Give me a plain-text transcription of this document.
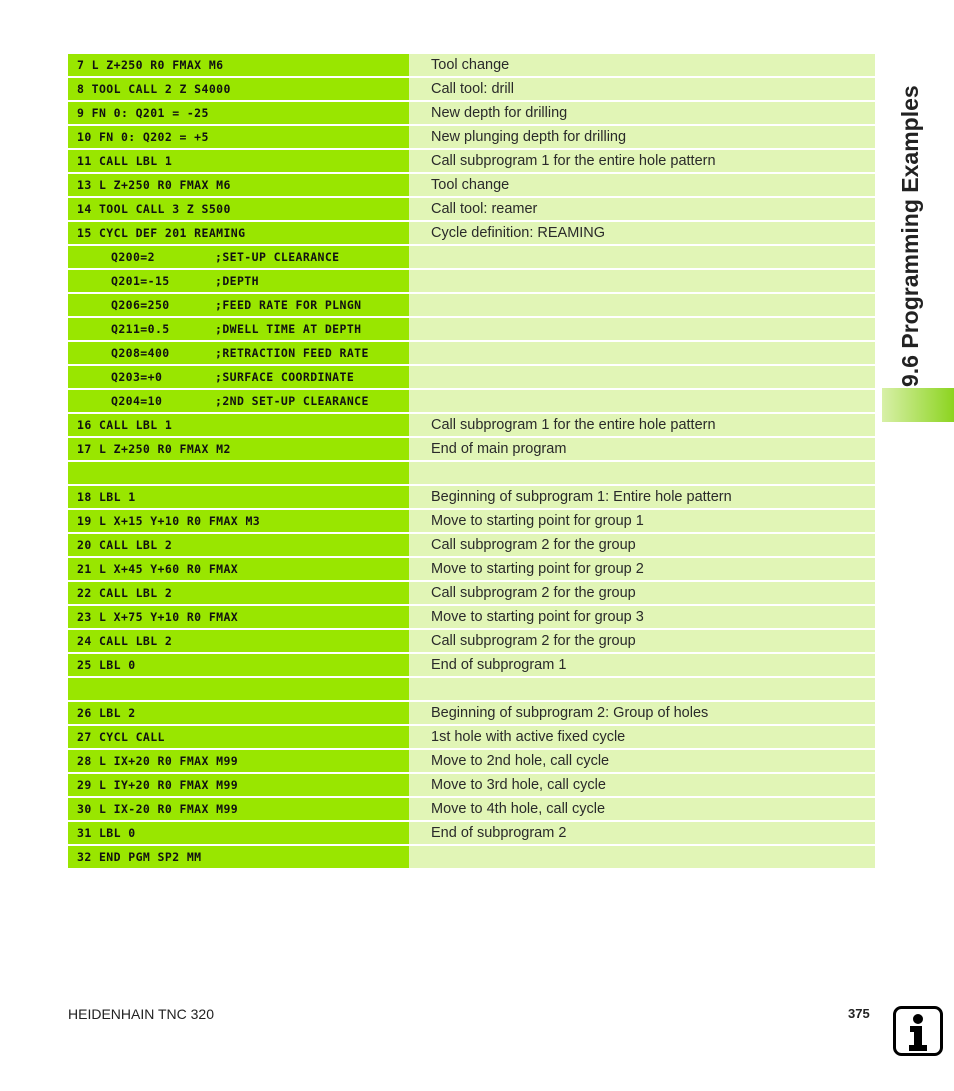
9.6 Programming Examples
7 L Z+250 R0 FMAX M6	Tool change
8 TOOL CALL 2 Z S4000	Call tool: drill
9 FN 0: Q201 = -25	New depth for drilling
10 FN 0: Q202 = +5	New plunging depth for drilling
11 CALL LBL 1	Call subprogram 1 for the entire hole pattern
13 L Z+250 R0 FMAX M6	Tool change
14 TOOL CALL 3 Z S500	Call tool: reamer
15 CYCL DEF 201 REAMING	Cycle definition: REAMING
Q200=2	;SET-UP CLEARANCE
Q201=-15	;DEPTH
Q206=250	;FEED RATE FOR PLNGN
Q211=0.5	;DWELL TIME AT DEPTH
Q208=400	;RETRACTION FEED RATE
Q203=+0	;SURFACE COORDINATE
Q204=10	;2ND SET-UP CLEARANCE
16 CALL LBL 1	Call subprogram 1 for the entire hole pattern
17 L Z+250 R0 FMAX M2	End of main program
18 LBL 1	Beginning of subprogram 1: Entire hole pattern
19 L X+15 Y+10 R0 FMAX M3	Move to starting point for group 1
20 CALL LBL 2	Call subprogram 2 for the group
21 L X+45 Y+60 R0 FMAX	Move to starting point for group 2
22 CALL LBL 2	Call subprogram 2 for the group
23 L X+75 Y+10 R0 FMAX	Move to starting point for group 3
24 CALL LBL 2	Call subprogram 2 for the group
25 LBL 0	End of subprogram 1
26 LBL 2	Beginning of subprogram 2: Group of holes
27 CYCL CALL	1st hole with active fixed cycle
28 L IX+20 R0 FMAX M99	Move to 2nd hole, call cycle
29 L IY+20 R0 FMAX M99	Move to 3rd hole, call cycle
30 L IX-20 R0 FMAX M99	Move to 4th hole, call cycle
31 LBL 0	End of subprogram 2
32 END PGM SP2 MM
HEIDENHAIN TNC 320	375
